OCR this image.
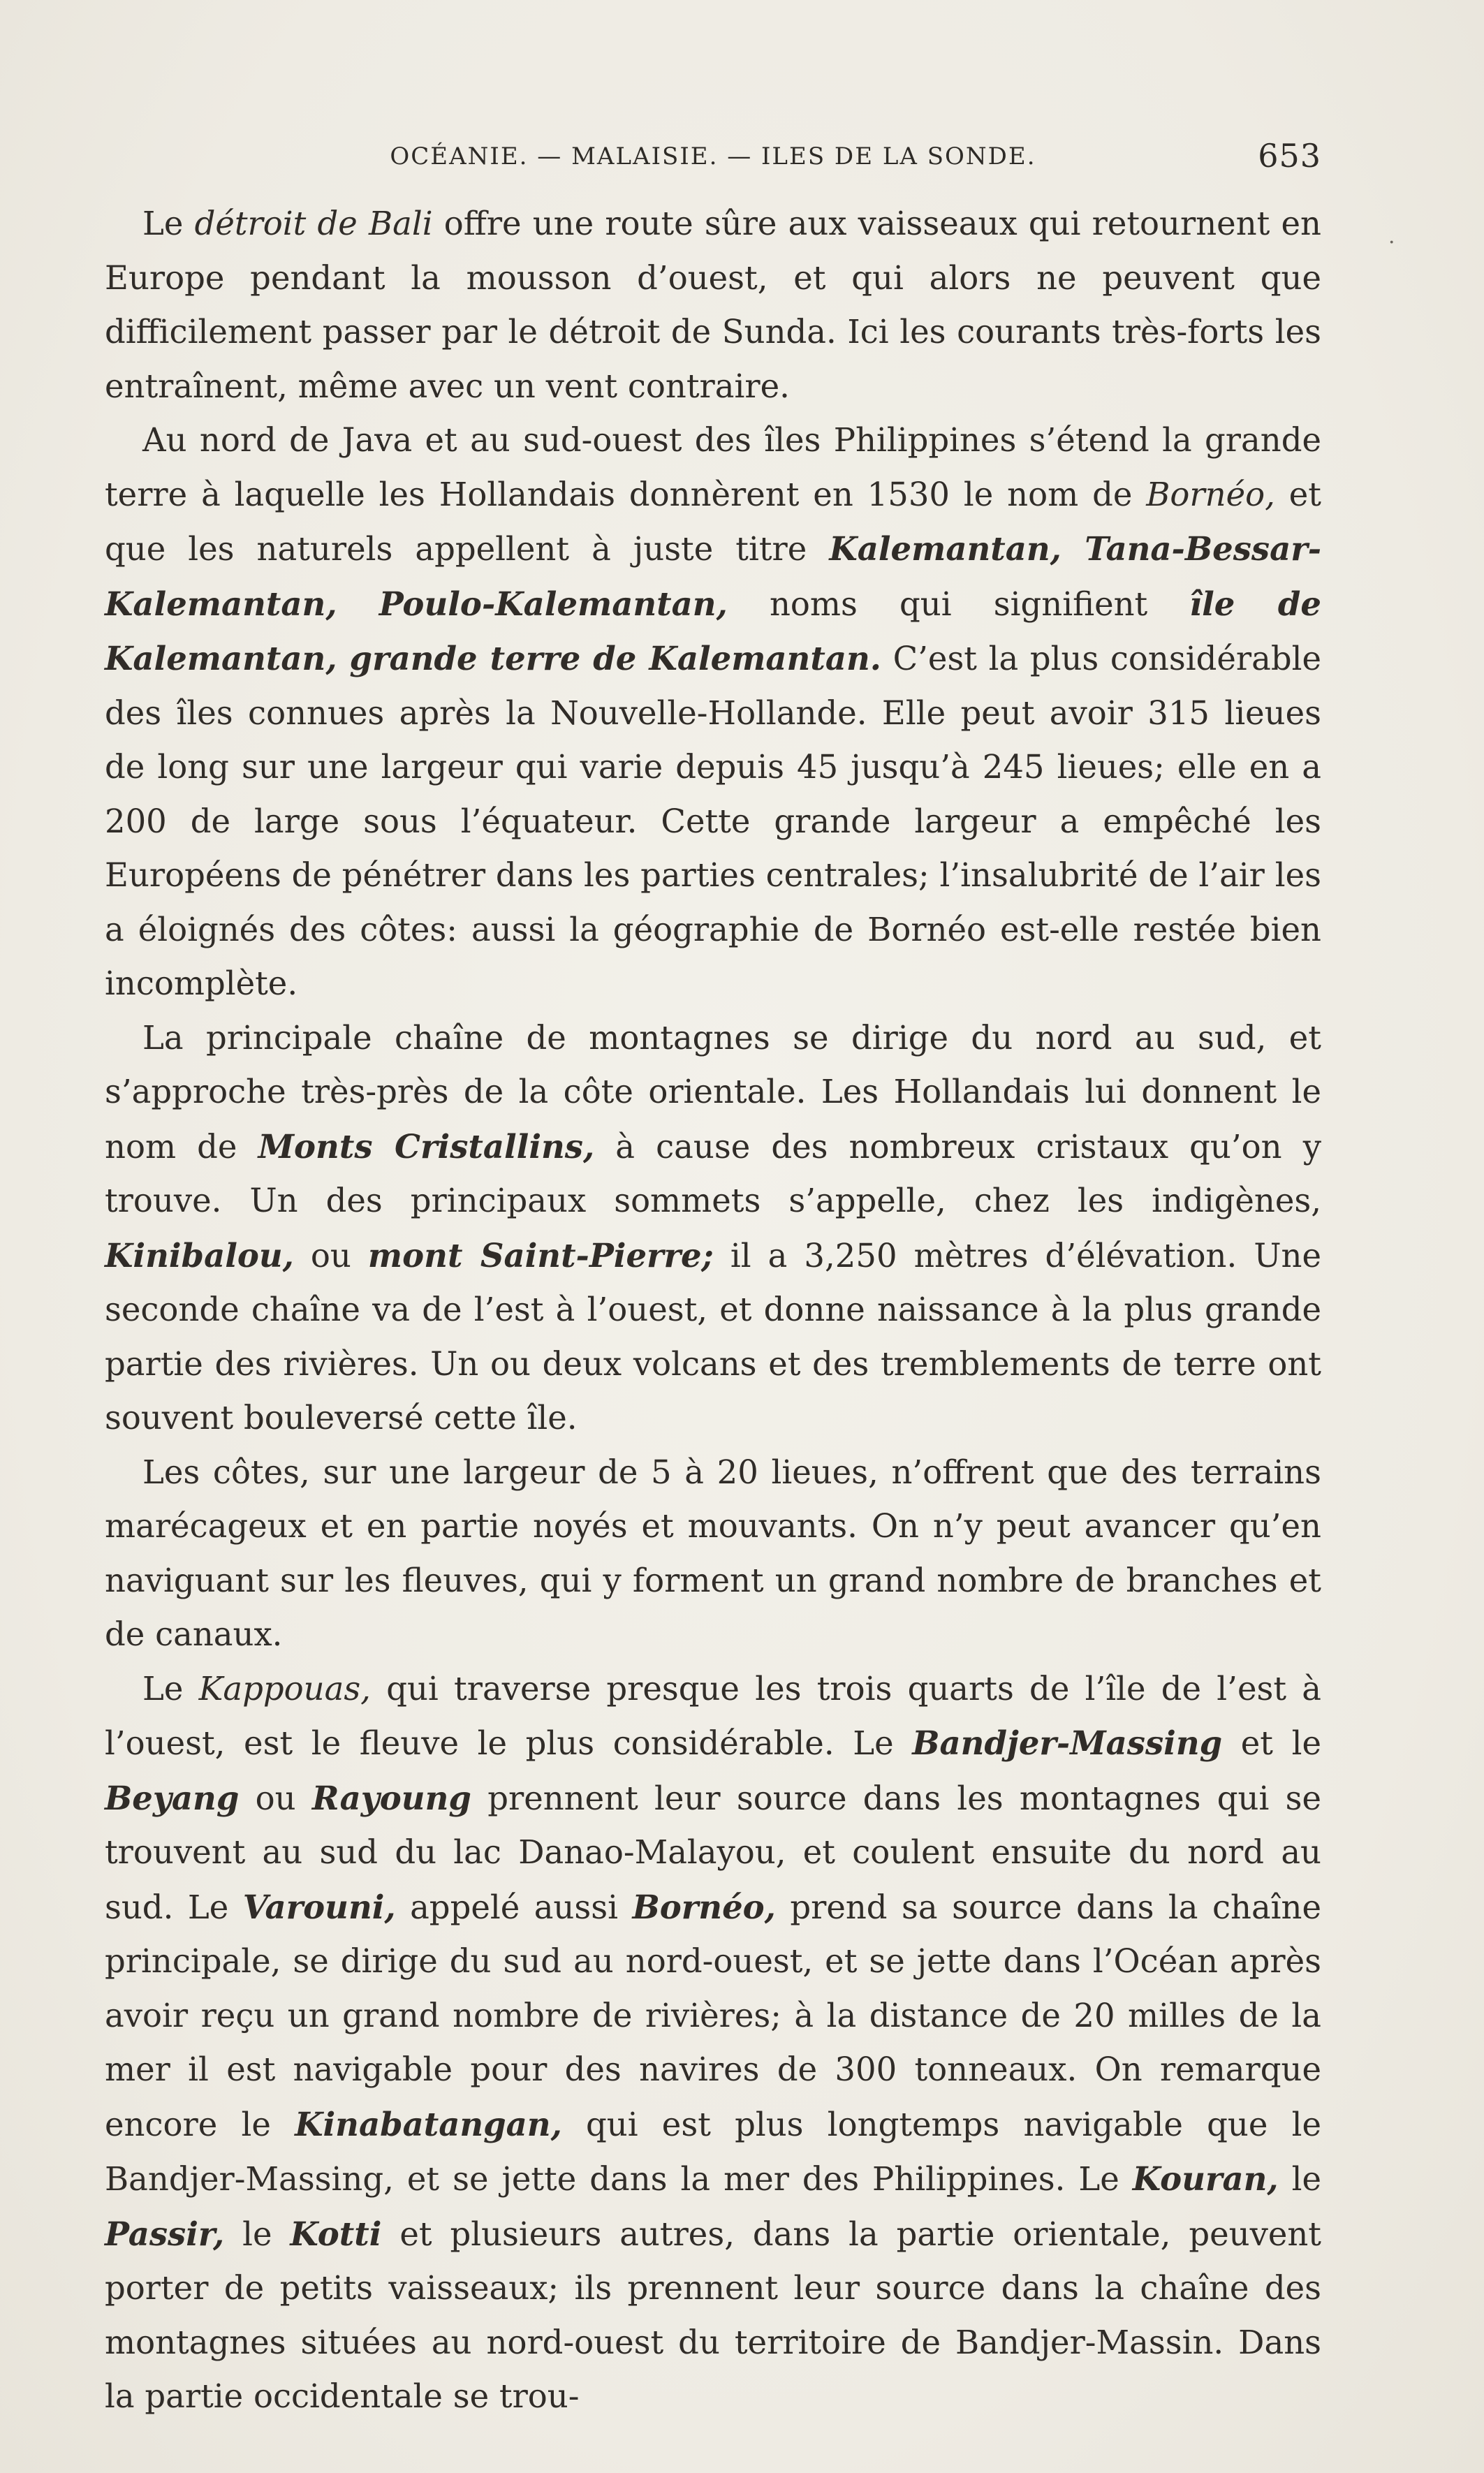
OCÉANIE. — MALAISIE. — ILES DE LA SONDE.	653

Le détroit de Bali offre une route sûre aux vaisseaux qui retournent en Europe pendant la mousson d’ouest, et qui alors ne peuvent que difficilement passer par le détroit de Sunda. Ici les courants très-forts les entraînent, même avec un vent contraire.

Au nord de Java et au sud-ouest des îles Philippines s’étend la grande terre à laquelle les Hollandais donnèrent en 1530 le nom de Bornéo, et que les naturels appellent à juste titre Kalemantan, Tana-Bessar-Kalemantan, Poulo-Kalemantan, noms qui signifient île de Kalemantan, grande terre de Kalemantan. C’est la plus considérable des îles connues après la Nouvelle-Hollande. Elle peut avoir 315 lieues de long sur une largeur qui varie depuis 45 jusqu’à 245 lieues; elle en a 200 de large sous l’équateur. Cette grande largeur a empêché les Européens de pénétrer dans les parties centrales; l’insalubrité de l’air les a éloignés des côtes: aussi la géographie de Bornéo est-elle restée bien incomplète.

La principale chaîne de montagnes se dirige du nord au sud, et s’approche très-près de la côte orientale. Les Hollandais lui donnent le nom de Monts Cristallins, à cause des nombreux cristaux qu’on y trouve. Un des principaux sommets s’appelle, chez les indigènes, Kinibalou, ou mont Saint-Pierre; il a 3,250 mètres d’élévation. Une seconde chaîne va de l’est à l’ouest, et donne naissance à la plus grande partie des rivières. Un ou deux volcans et des tremblements de terre ont souvent bouleversé cette île.

Les côtes, sur une largeur de 5 à 20 lieues, n’offrent que des terrains marécageux et en partie noyés et mouvants. On n’y peut avancer qu’en naviguant sur les fleuves, qui y forment un grand nombre de branches et de canaux.

Le Kappouas, qui traverse presque les trois quarts de l’île de l’est à l’ouest, est le fleuve le plus considérable. Le Bandjer-Massing et le Beyang ou Rayoung prennent leur source dans les montagnes qui se trouvent au sud du lac Danao-Malayou, et coulent ensuite du nord au sud. Le Varouni, appelé aussi Bornéo, prend sa source dans la chaîne principale, se dirige du sud au nord-ouest, et se jette dans l’Océan après avoir reçu un grand nombre de rivières; à la distance de 20 milles de la mer il est navigable pour des navires de 300 tonneaux. On remarque encore le Kinabatangan, qui est plus longtemps navigable que le Bandjer-Massing, et se jette dans la mer des Philippines. Le Kouran, le Passir, le Kotti et plusieurs autres, dans la partie orientale, peuvent porter de petits vaisseaux; ils prennent leur source dans la chaîne des montagnes situées au nord-ouest du territoire de Bandjer-Massin. Dans la partie occidentale se trou-

·
